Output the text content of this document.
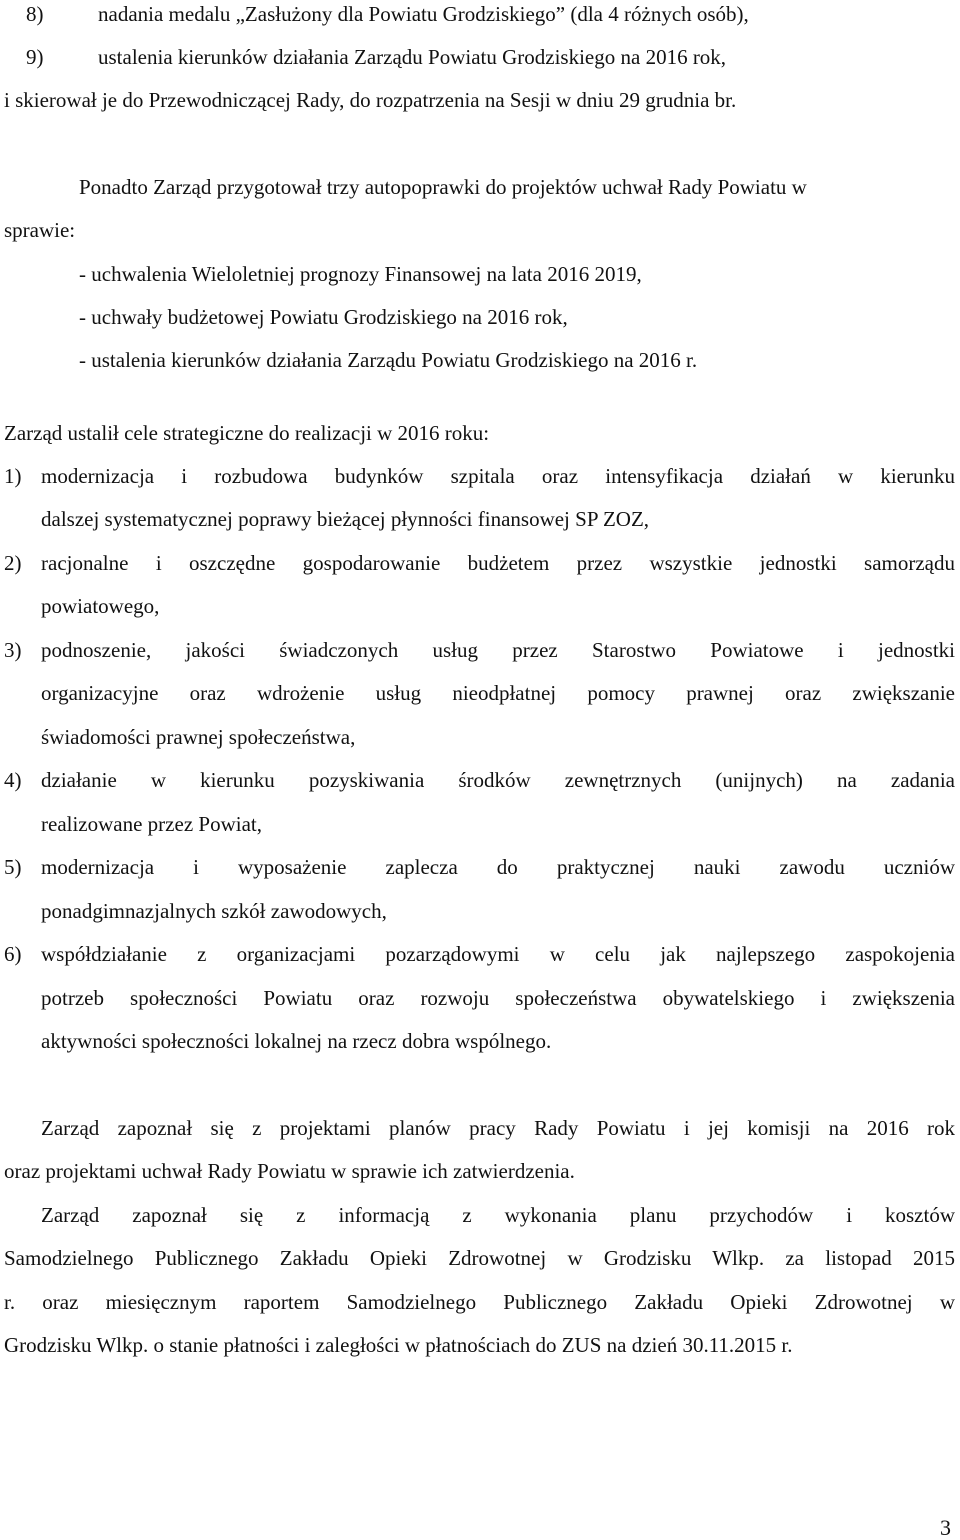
8)	nadania medalu „Zasłużony dla Powiatu Grodziskiego” (dla 4 różnych osób),
9)	ustalenia kierunków działania Zarządu Powiatu Grodziskiego na 2016 rok,
i skierował je do Przewodniczącej Rady, do rozpatrzenia na Sesji w dniu 29 grudnia br.
Ponadto Zarząd przygotował trzy autopoprawki do projektów uchwał Rady Powiatu w
sprawie:
- uchwalenia Wieloletniej prognozy Finansowej na lata 2016 2019,
- uchwały budżetowej Powiatu Grodziskiego na 2016 rok,
- ustalenia kierunków działania Zarządu Powiatu Grodziskiego na 2016 r.
Zarząd ustalił cele strategiczne do realizacji w 2016 roku:
1) modernizacja i rozbudowa budynków szpitala oraz intensyfikacja działań w kierunku
dalszej systematycznej poprawy bieżącej płynności finansowej SP ZOZ,
2) racjonalne i oszczędne gospodarowanie budżetem przez wszystkie jednostki samorządu
powiatowego,
3) podnoszenie, jakości świadczonych usług przez Starostwo Powiatowe i jednostki
organizacyjne oraz wdrożenie usług nieodpłatnej pomocy prawnej oraz zwiększanie
świadomości prawnej społeczeństwa,
4) działanie w kierunku pozyskiwania środków zewnętrznych (unijnych) na zadania
realizowane przez Powiat,
5) modernizacja i wyposażenie zaplecza do praktycznej nauki zawodu uczniów
ponadgimnazjalnych szkół zawodowych,
6) współdziałanie z organizacjami pozarządowymi w celu jak najlepszego zaspokojenia
potrzeb społeczności Powiatu oraz rozwoju społeczeństwa obywatelskiego i zwiększenia
aktywności społeczności lokalnej na rzecz dobra wspólnego.
Zarząd zapoznał się z projektami planów pracy Rady Powiatu i jej komisji na 2016 rok
oraz projektami uchwał Rady Powiatu w sprawie ich zatwierdzenia.
Zarząd zapoznał się z informacją z wykonania planu przychodów i kosztów
Samodzielnego Publicznego Zakładu Opieki Zdrowotnej w Grodzisku Wlkp. za listopad 2015
r. oraz miesięcznym raportem Samodzielnego Publicznego Zakładu Opieki Zdrowotnej w
Grodzisku Wlkp. o stanie płatności i zaległości w płatnościach do ZUS na dzień 30.11.2015 r.
3
